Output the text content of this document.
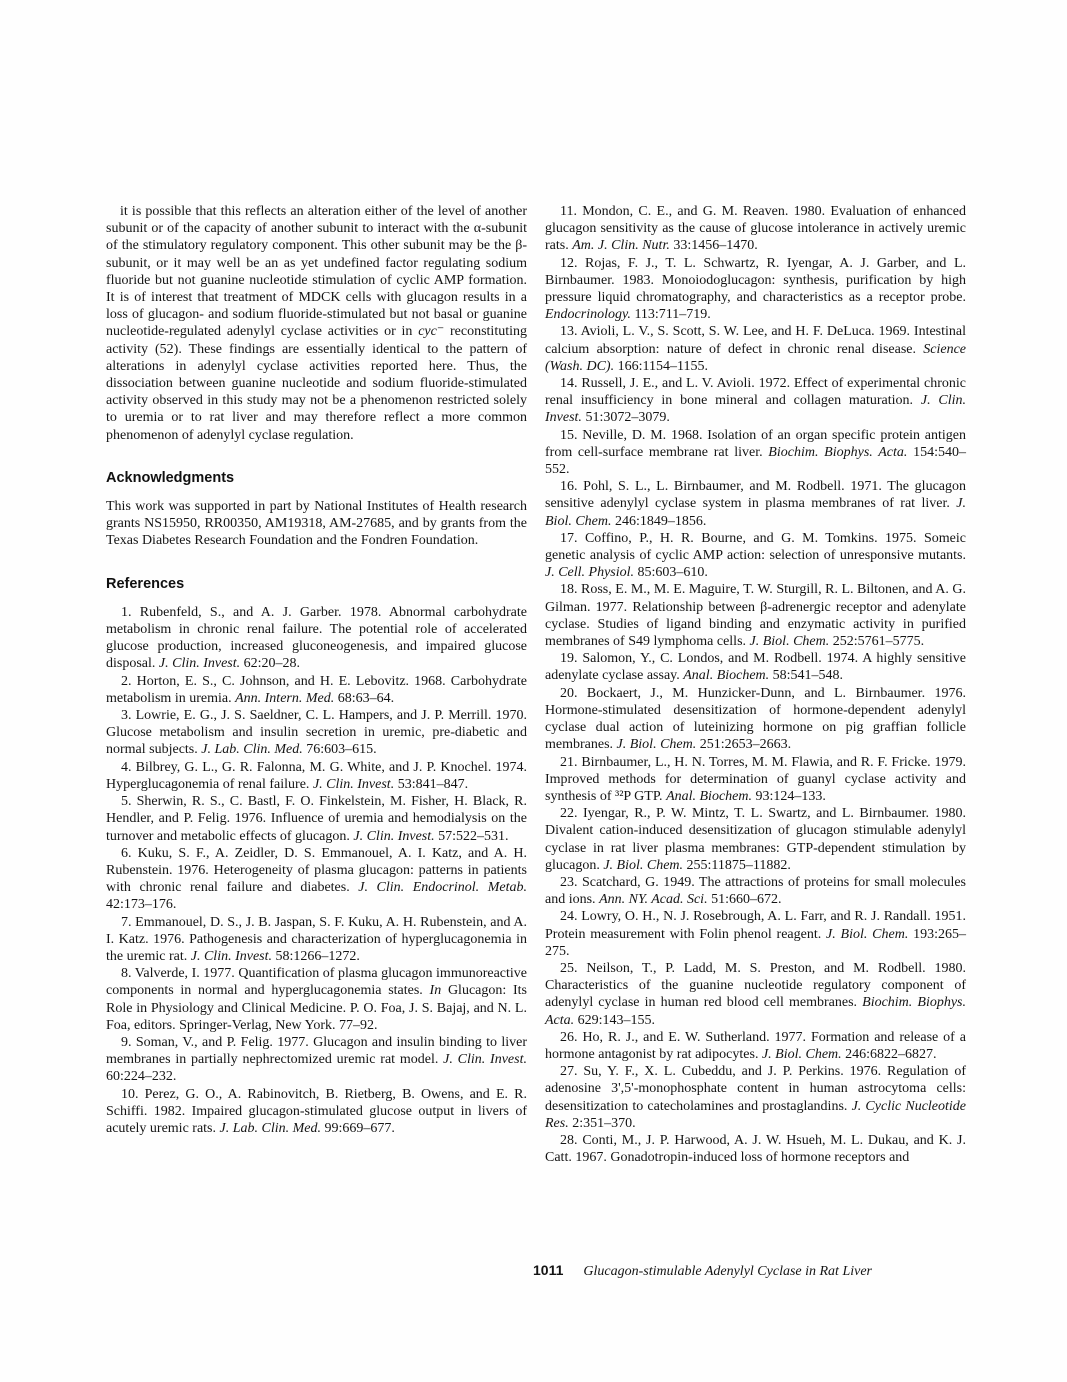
it is possible that this reflects an alteration either of the level of another subunit or of the capacity of another subunit to interact with the α-subunit of the stimulatory regulatory component. This other subunit may be the β-subunit, or it may well be an as yet undefined factor regulating sodium fluoride but not guanine nucleotide stimulation of cyclic AMP formation. It is of interest that treatment of MDCK cells with glucagon results in a loss of glucagon- and sodium fluoride-stimulated but not basal or guanine nucleotide-regulated adenylyl cyclase activities or in cyc⁻ reconstituting activity (52). These findings are essentially identical to the pattern of alterations in adenylyl cyclase activities reported here. Thus, the dissociation between guanine nucleotide and sodium fluoride-stimulated activity observed in this study may not be a phenomenon restricted solely to uremia or to rat liver and may therefore reflect a more common phenomenon of adenylyl cyclase regulation.

Acknowledgments

This work was supported in part by National Institutes of Health research grants NS15950, RR00350, AM19318, AM-27685, and by grants from the Texas Diabetes Research Foundation and the Fondren Foundation.

References

1. Rubenfeld, S., and A. J. Garber. 1978. Abnormal carbohydrate metabolism in chronic renal failure. The potential role of accelerated glucose production, increased gluconeogenesis, and impaired glucose disposal. J. Clin. Invest. 62:20–28.

2. Horton, E. S., C. Johnson, and H. E. Lebovitz. 1968. Carbohydrate metabolism in uremia. Ann. Intern. Med. 68:63–64.

3. Lowrie, E. G., J. S. Saeldner, C. L. Hampers, and J. P. Merrill. 1970. Glucose metabolism and insulin secretion in uremic, pre-diabetic and normal subjects. J. Lab. Clin. Med. 76:603–615.

4. Bilbrey, G. L., G. R. Falonna, M. G. White, and J. P. Knochel. 1974. Hyperglucagonemia of renal failure. J. Clin. Invest. 53:841–847.

5. Sherwin, R. S., C. Bastl, F. O. Finkelstein, M. Fisher, H. Black, R. Hendler, and P. Felig. 1976. Influence of uremia and hemodialysis on the turnover and metabolic effects of glucagon. J. Clin. Invest. 57:522–531.

6. Kuku, S. F., A. Zeidler, D. S. Emmanouel, A. I. Katz, and A. H. Rubenstein. 1976. Heterogeneity of plasma glucagon: patterns in patients with chronic renal failure and diabetes. J. Clin. Endocrinol. Metab. 42:173–176.

7. Emmanouel, D. S., J. B. Jaspan, S. F. Kuku, A. H. Rubenstein, and A. I. Katz. 1976. Pathogenesis and characterization of hyperglucagonemia in the uremic rat. J. Clin. Invest. 58:1266–1272.

8. Valverde, I. 1977. Quantification of plasma glucagon immunoreactive components in normal and hyperglucagonemia states. In Glucagon: Its Role in Physiology and Clinical Medicine. P. O. Foa, J. S. Bajaj, and N. L. Foa, editors. Springer-Verlag, New York. 77–92.

9. Soman, V., and P. Felig. 1977. Glucagon and insulin binding to liver membranes in partially nephrectomized uremic rat model. J. Clin. Invest. 60:224–232.

10. Perez, G. O., A. Rabinovitch, B. Rietberg, B. Owens, and E. R. Schiffi. 1982. Impaired glucagon-stimulated glucose output in livers of acutely uremic rats. J. Lab. Clin. Med. 99:669–677.

11. Mondon, C. E., and G. M. Reaven. 1980. Evaluation of enhanced glucagon sensitivity as the cause of glucose intolerance in actively uremic rats. Am. J. Clin. Nutr. 33:1456–1470.

12. Rojas, F. J., T. L. Schwartz, R. Iyengar, A. J. Garber, and L. Birnbaumer. 1983. Monoiodoglucagon: synthesis, purification by high pressure liquid chromatography, and characteristics as a receptor probe. Endocrinology. 113:711–719.

13. Avioli, L. V., S. Scott, S. W. Lee, and H. F. DeLuca. 1969. Intestinal calcium absorption: nature of defect in chronic renal disease. Science (Wash. DC). 166:1154–1155.

14. Russell, J. E., and L. V. Avioli. 1972. Effect of experimental chronic renal insufficiency in bone mineral and collagen maturation. J. Clin. Invest. 51:3072–3079.

15. Neville, D. M. 1968. Isolation of an organ specific protein antigen from cell-surface membrane rat liver. Biochim. Biophys. Acta. 154:540–552.

16. Pohl, S. L., L. Birnbaumer, and M. Rodbell. 1971. The glucagon sensitive adenylyl cyclase system in plasma membranes of rat liver. J. Biol. Chem. 246:1849–1856.

17. Coffino, P., H. R. Bourne, and G. M. Tomkins. 1975. Someic genetic analysis of cyclic AMP action: selection of unresponsive mutants. J. Cell. Physiol. 85:603–610.

18. Ross, E. M., M. E. Maguire, T. W. Sturgill, R. L. Biltonen, and A. G. Gilman. 1977. Relationship between β-adrenergic receptor and adenylate cyclase. Studies of ligand binding and enzymatic activity in purified membranes of S49 lymphoma cells. J. Biol. Chem. 252:5761–5775.

19. Salomon, Y., C. Londos, and M. Rodbell. 1974. A highly sensitive adenylate cyclase assay. Anal. Biochem. 58:541–548.

20. Bockaert, J., M. Hunzicker-Dunn, and L. Birnbaumer. 1976. Hormone-stimulated desensitization of hormone-dependent adenylyl cyclase dual action of luteinizing hormone on pig graffian follicle membranes. J. Biol. Chem. 251:2653–2663.

21. Birnbaumer, L., H. N. Torres, M. M. Flawia, and R. F. Fricke. 1979. Improved methods for determination of guanyl cyclase activity and synthesis of ³²P GTP. Anal. Biochem. 93:124–133.

22. Iyengar, R., P. W. Mintz, T. L. Swartz, and L. Birnbaumer. 1980. Divalent cation-induced desensitization of glucagon stimulable adenylyl cyclase in rat liver plasma membranes: GTP-dependent stimulation by glucagon. J. Biol. Chem. 255:11875–11882.

23. Scatchard, G. 1949. The attractions of proteins for small molecules and ions. Ann. NY. Acad. Sci. 51:660–672.

24. Lowry, O. H., N. J. Rosebrough, A. L. Farr, and R. J. Randall. 1951. Protein measurement with Folin phenol reagent. J. Biol. Chem. 193:265–275.

25. Neilson, T., P. Ladd, M. S. Preston, and M. Rodbell. 1980. Characteristics of the guanine nucleotide regulatory component of adenylyl cyclase in human red blood cell membranes. Biochim. Biophys. Acta. 629:143–155.

26. Ho, R. J., and E. W. Sutherland. 1977. Formation and release of a hormone antagonist by rat adipocytes. J. Biol. Chem. 246:6822–6827.

27. Su, Y. F., X. L. Cubeddu, and J. P. Perkins. 1976. Regulation of adenosine 3',5'-monophosphate content in human astrocytoma cells: desensitization to catecholamines and prostaglandins. J. Cyclic Nucleotide Res. 2:351–370.

28. Conti, M., J. P. Harwood, A. J. W. Hsueh, M. L. Dukau, and K. J. Catt. 1967. Gonadotropin-induced loss of hormone receptors and

1011 Glucagon-stimulable Adenylyl Cyclase in Rat Liver
